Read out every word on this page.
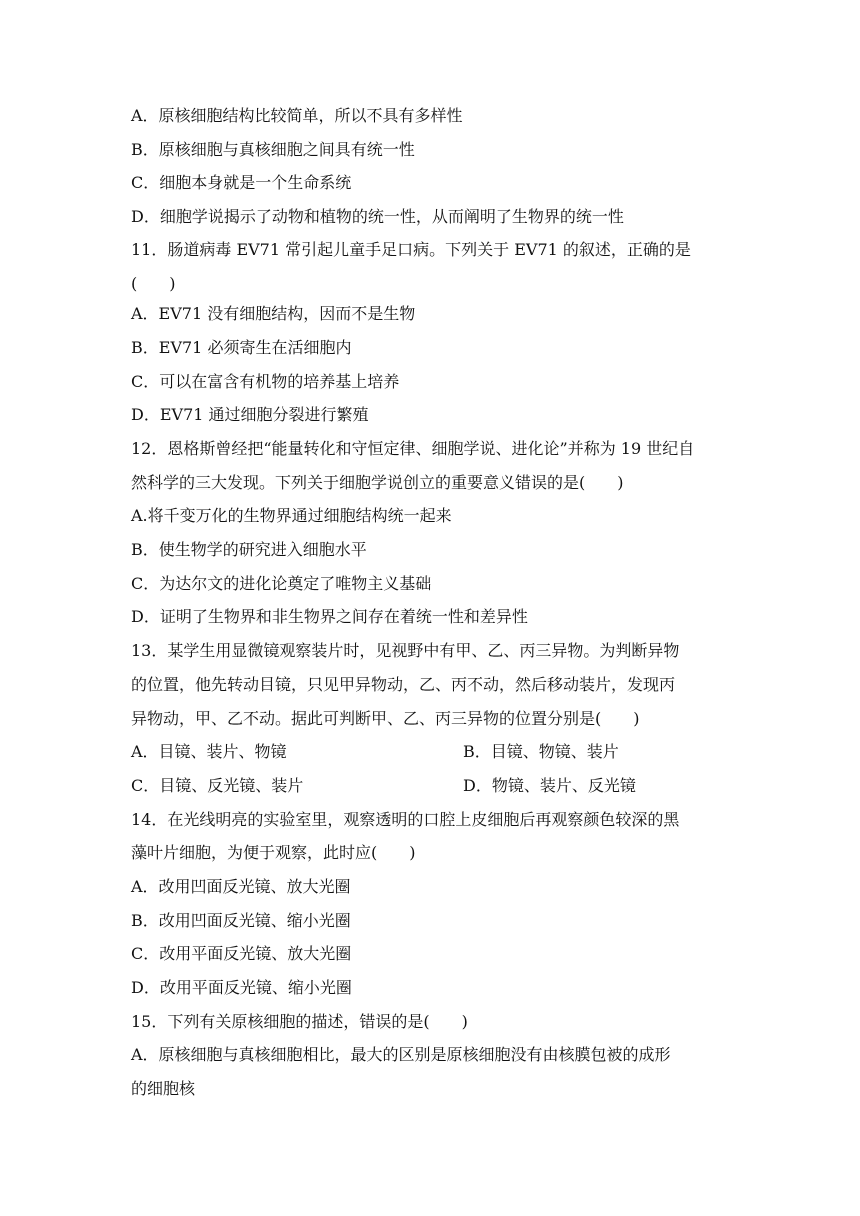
A．原核细胞结构比较简单，所以不具有多样性
B．原核细胞与真核细胞之间具有统一性
C．细胞本身就是一个生命系统
D．细胞学说揭示了动物和植物的统一性，从而阐明了生物界的统一性
11．肠道病毒 EV71 常引起儿童手足口病。下列关于 EV71 的叙述，正确的是
(　　)
A．EV71 没有细胞结构，因而不是生物
B．EV71 必须寄生在活细胞内
C．可以在富含有机物的培养基上培养
D．EV71 通过细胞分裂进行繁殖
12．恩格斯曾经把“能量转化和守恒定律、细胞学说、进化论”并称为 19 世纪自
然科学的三大发现。下列关于细胞学说创立的重要意义错误的是(　　)
A.将千变万化的生物界通过细胞结构统一起来
B．使生物学的研究进入细胞水平
C．为达尔文的进化论奠定了唯物主义基础
D．证明了生物界和非生物界之间存在着统一性和差异性
13．某学生用显微镜观察装片时，见视野中有甲、乙、丙三异物。为判断异物
的位置，他先转动目镜，只见甲异物动，乙、丙不动，然后移动装片，发现丙
异物动，甲、乙不动。据此可判断甲、乙、丙三异物的位置分别是(　　)
A．目镜、装片、物镜	B．目镜、物镜、装片
C．目镜、反光镜、装片	D．物镜、装片、反光镜
14．在光线明亮的实验室里，观察透明的口腔上皮细胞后再观察颜色较深的黑
藻叶片细胞，为便于观察，此时应(　　)
A．改用凹面反光镜、放大光圈
B．改用凹面反光镜、缩小光圈
C．改用平面反光镜、放大光圈
D．改用平面反光镜、缩小光圈
15．下列有关原核细胞的描述，错误的是(　　)
A．原核细胞与真核细胞相比，最大的区别是原核细胞没有由核膜包被的成形
的细胞核
